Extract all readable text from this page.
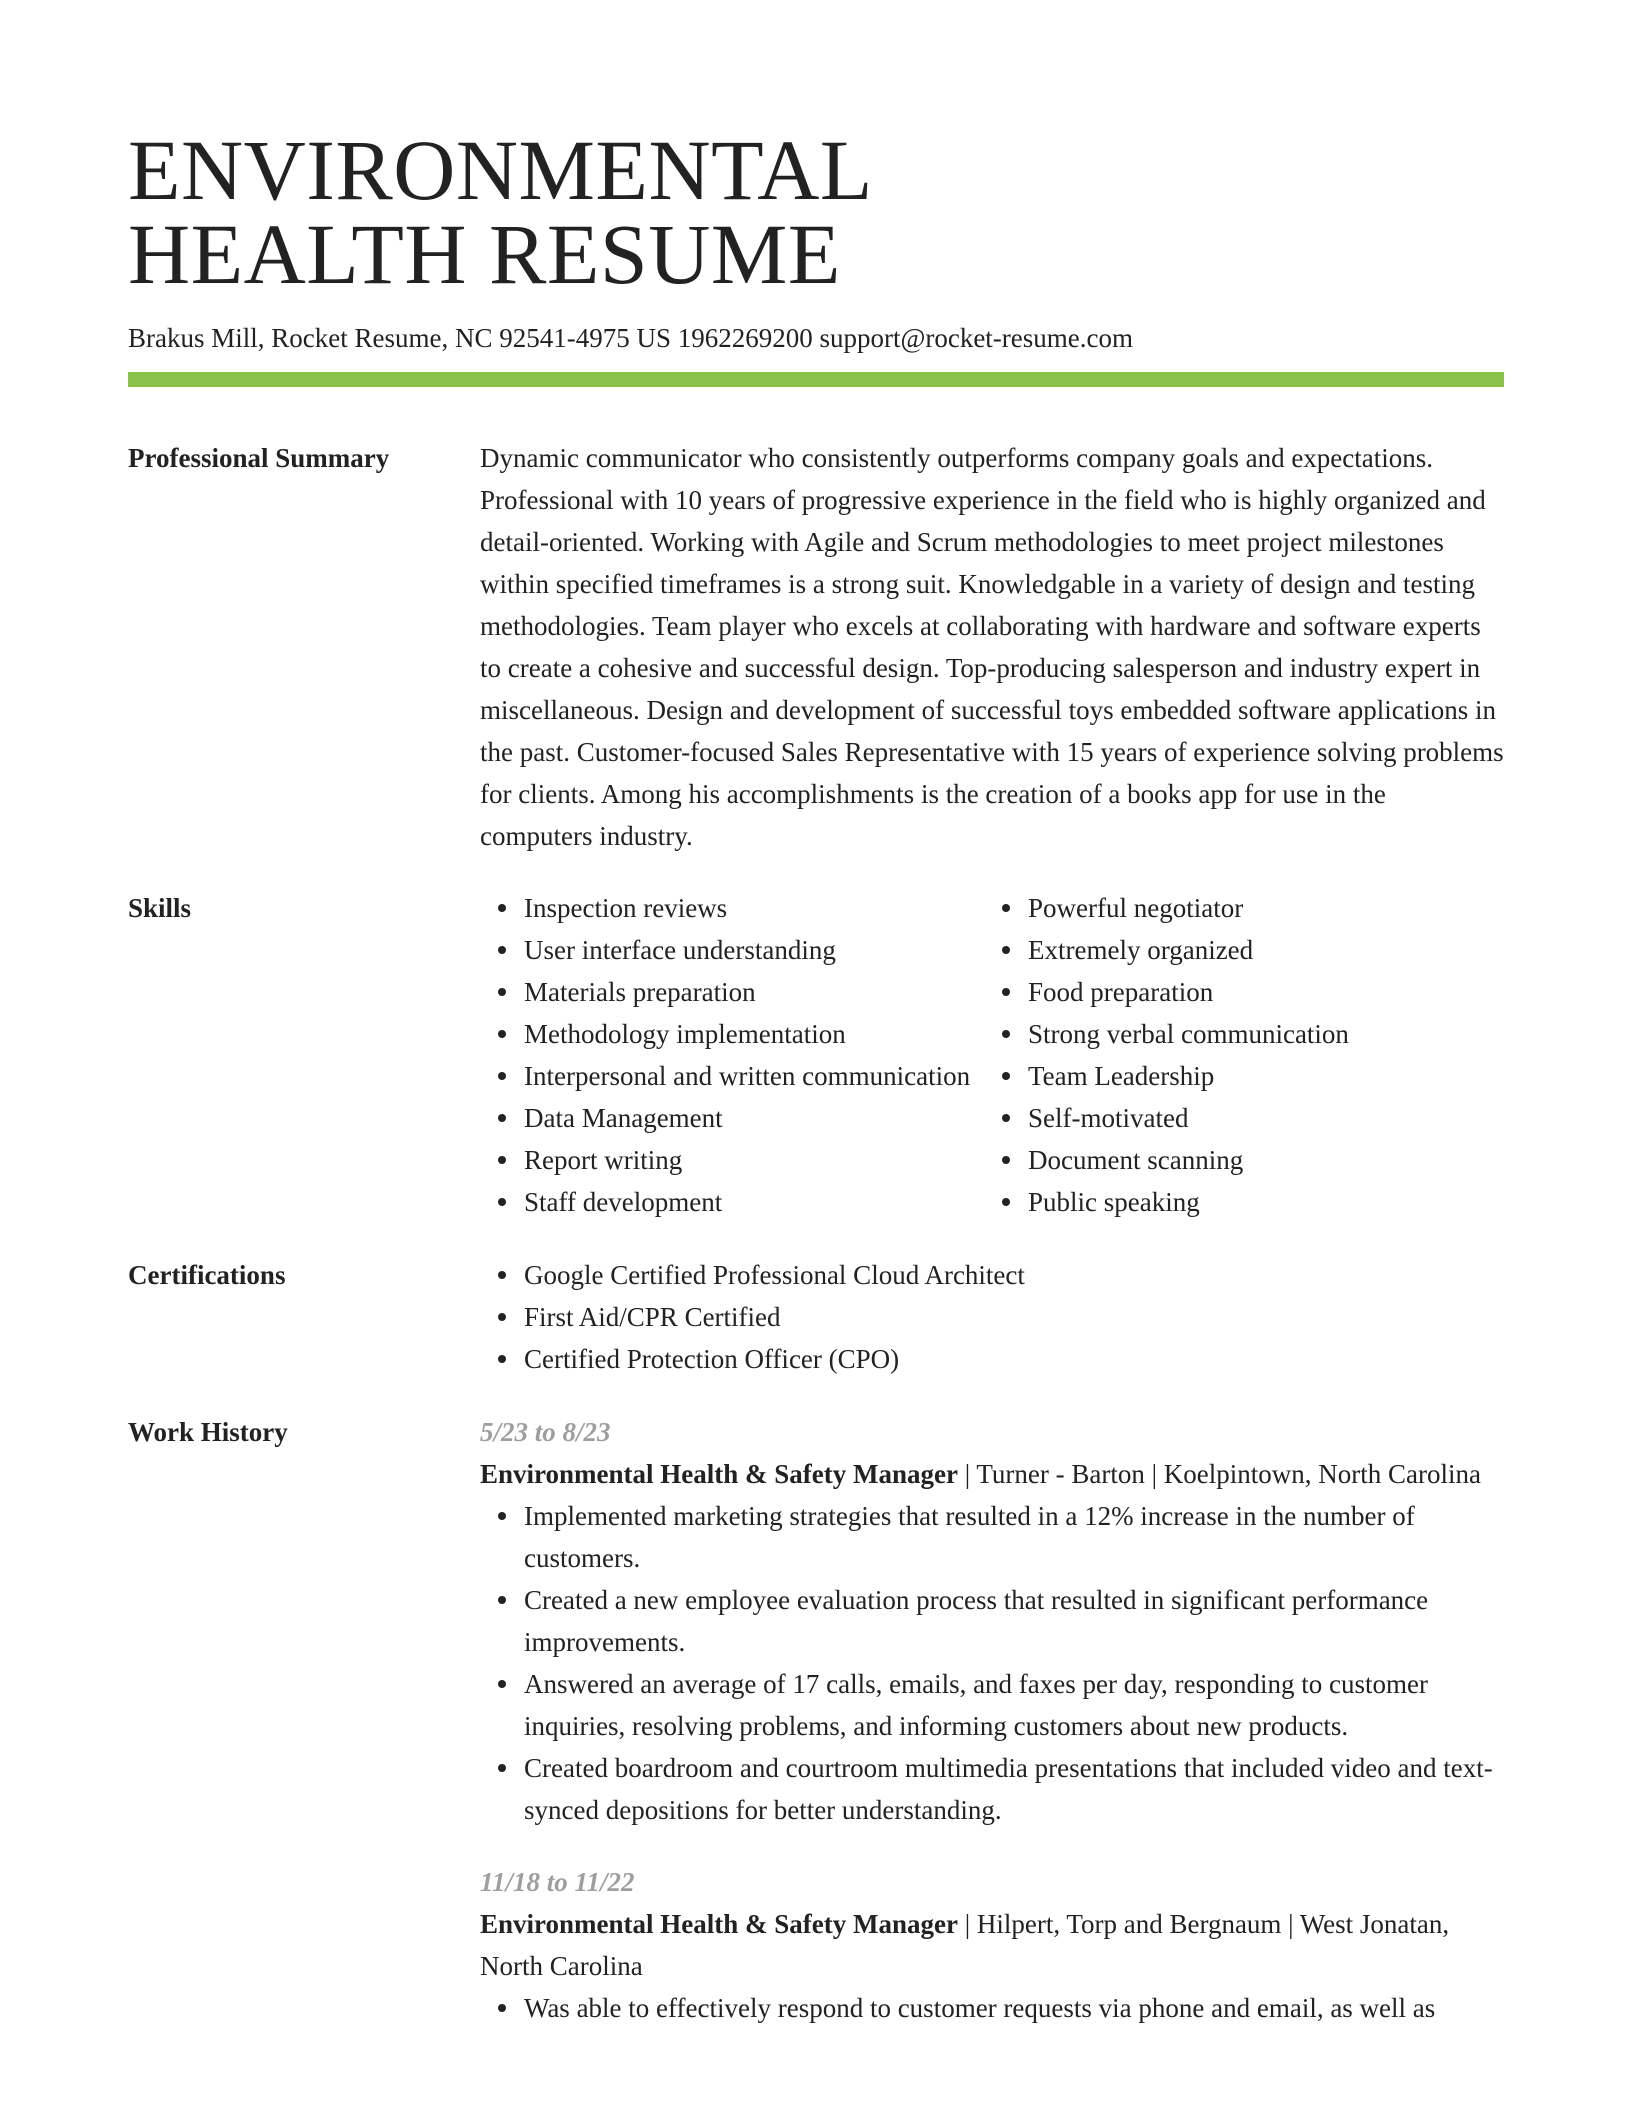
ENVIRONMENTAL
HEALTH RESUME
Brakus Mill, Rocket Resume, NC 92541-4975 US 1962269200 support@rocket-resume.com
Professional Summary	Dynamic communicator who consistently outperforms company goals and expectations. Professional with 10 years of progressive experience in the field who is highly organized and detail-oriented. Working with Agile and Scrum methodologies to meet project milestones within specified timeframes is a strong suit. Knowledgable in a variety of design and testing methodologies. Team player who excels at collaborating with hardware and software experts to create a cohesive and successful design. Top-producing salesperson and industry expert in miscellaneous. Design and development of successful toys embedded software applications in the past. Customer-focused Sales Representative with 15 years of experience solving problems for clients. Among his accomplishments is the creation of a books app for use in the computers industry.

Skills	Inspection reviews
User interface understanding
Materials preparation
Methodology implementation
Interpersonal and written communication
Data Management
Report writing
Staff development
Powerful negotiator
Extremely organized
Food preparation
Strong verbal communication
Team Leadership
Self-motivated
Document scanning
Public speaking
Certifications	Google Certified Professional Cloud Architect
First Aid/CPR Certified
Certified Protection Officer (CPO)
Work History	5/23 to 8/23
Environmental Health & Safety Manager | Turner - Barton | Koelpintown, North Carolina
Implemented marketing strategies that resulted in a 12% increase in the number of customers.
Created a new employee evaluation process that resulted in significant performance improvements.
Answered an average of 17 calls, emails, and faxes per day, responding to customer inquiries, resolving problems, and informing customers about new products.
Created boardroom and courtroom multimedia presentations that included video and text-synced depositions for better understanding.
11/18 to 11/22
Environmental Health & Safety Manager | Hilpert, Torp and Bergnaum | West Jonatan, North Carolina
Was able to effectively respond to customer requests via phone and email, as well as
